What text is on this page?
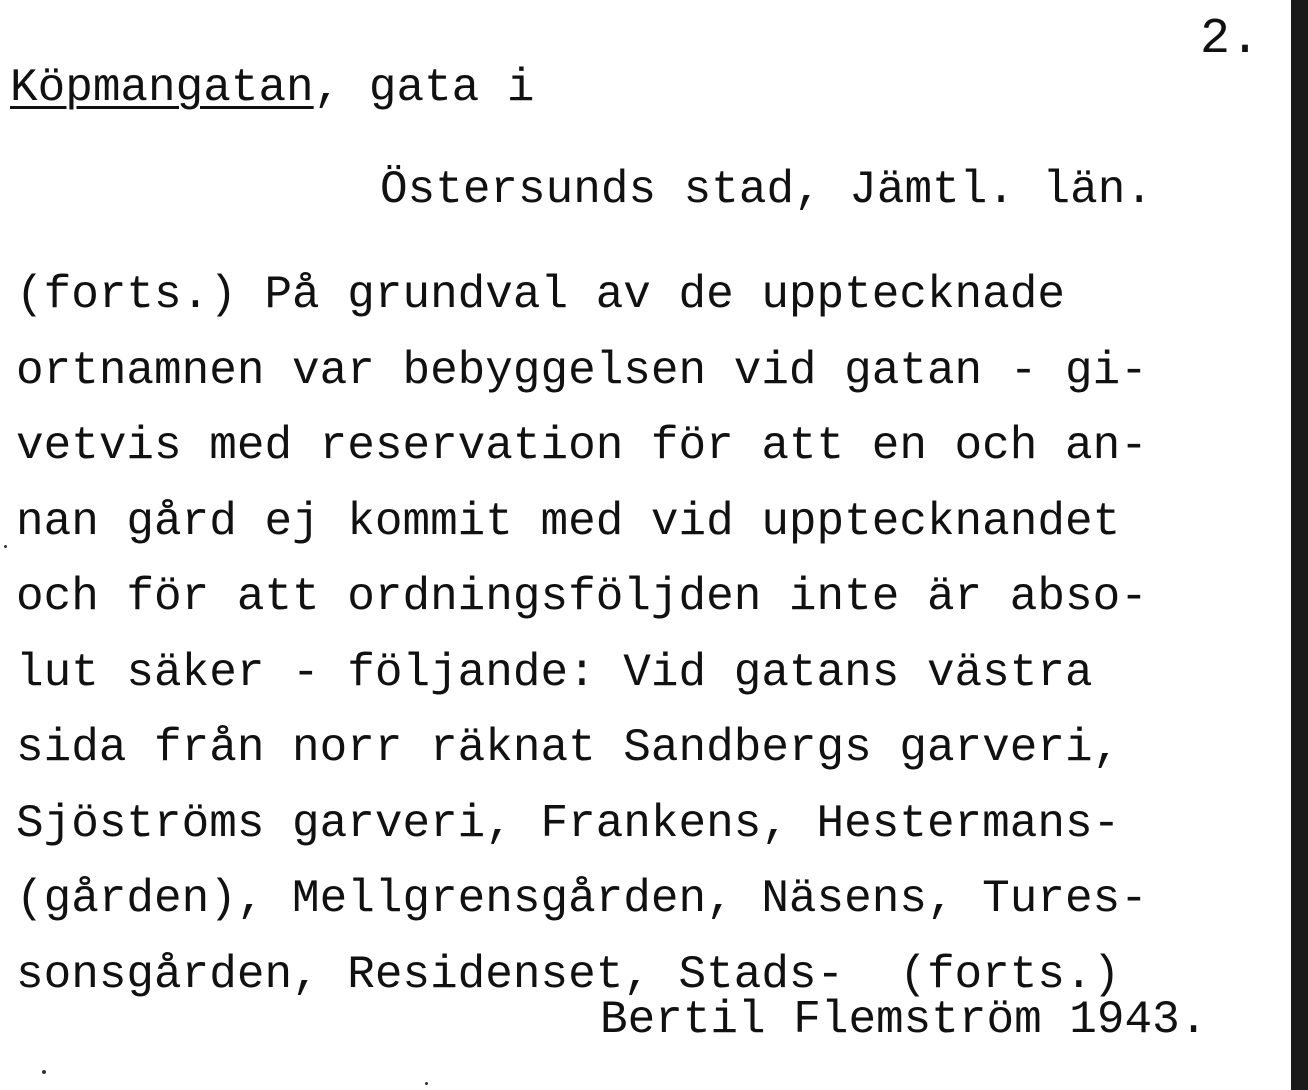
2.
Köpmangatan, gata i
Östersunds stad, Jämtl. län.
(forts.) På grundval av de upptecknade
ortnamnen var bebyggelsen vid gatan - gi-
vetvis med reservation för att en och an-
nan gård ej kommit med vid upptecknandet
och för att ordningsföljden inte är abso-
lut säker - följande: Vid gatans västra
sida från norr räknat Sandbergs garveri,
Sjöströms garveri, Frankens, Hestermans-
(gården), Mellgrensgården, Näsens, Tures-
sonsgården, Residenset, Stads-  (forts.)
Bertil Flemström 1943.
